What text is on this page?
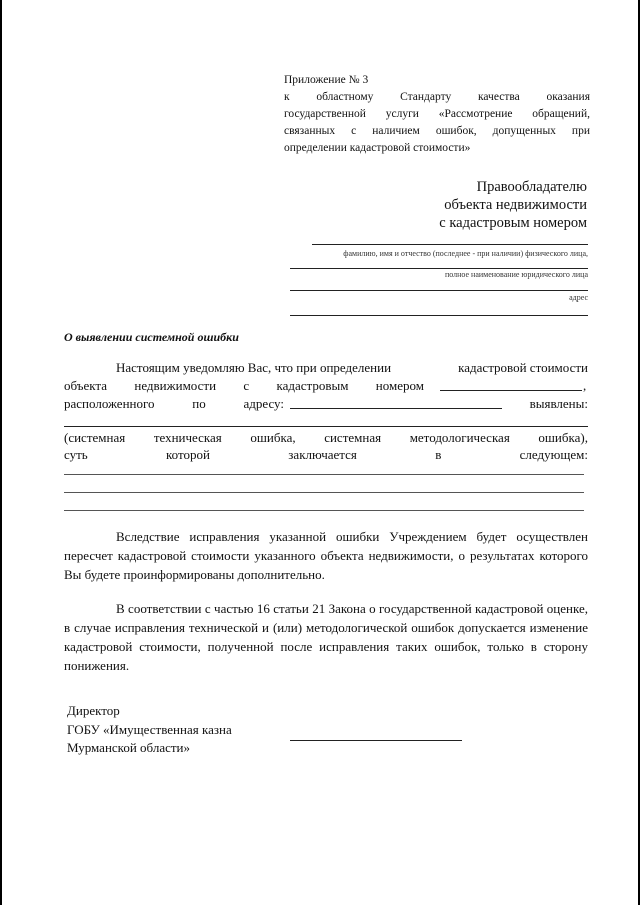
Приложение № 3
к областному Стандарту качества оказания
государственной услуги «Рассмотрение обращений,
связанных с наличием ошибок, допущенных при
определении кадастровой стоимости»
Правообладателю
объекта недвижимости
с кадастровым номером
фамилию, имя и отчество (последнее - при наличии) физического лица,
полное наименование юридического лица
адрес
О выявлении системной ошибки
Настоящим уведомляю Вас, что при определении	кадастровой стоимости
объекта недвижимости с кадастровым номером	,
расположенного	по	адресу:	выявлены:
(системная техническая ошибка, системная методологическая ошибка),
суть	которой	заключается	в	следующем:
Вследствие исправления указанной ошибки Учреждением будет осуществлен пересчет кадастровой стоимости указанного объекта недвижимости, о результатах которого Вы будете проинформированы дополнительно.
В соответствии с частью 16 статьи 21 Закона о государственной кадастровой оценке, в случае исправления технической и (или) методологической ошибок допускается изменение кадастровой стоимости, полученной после исправления таких ошибок, только в сторону понижения.
Директор
ГОБУ «Имущественная казна
Мурманской области»
